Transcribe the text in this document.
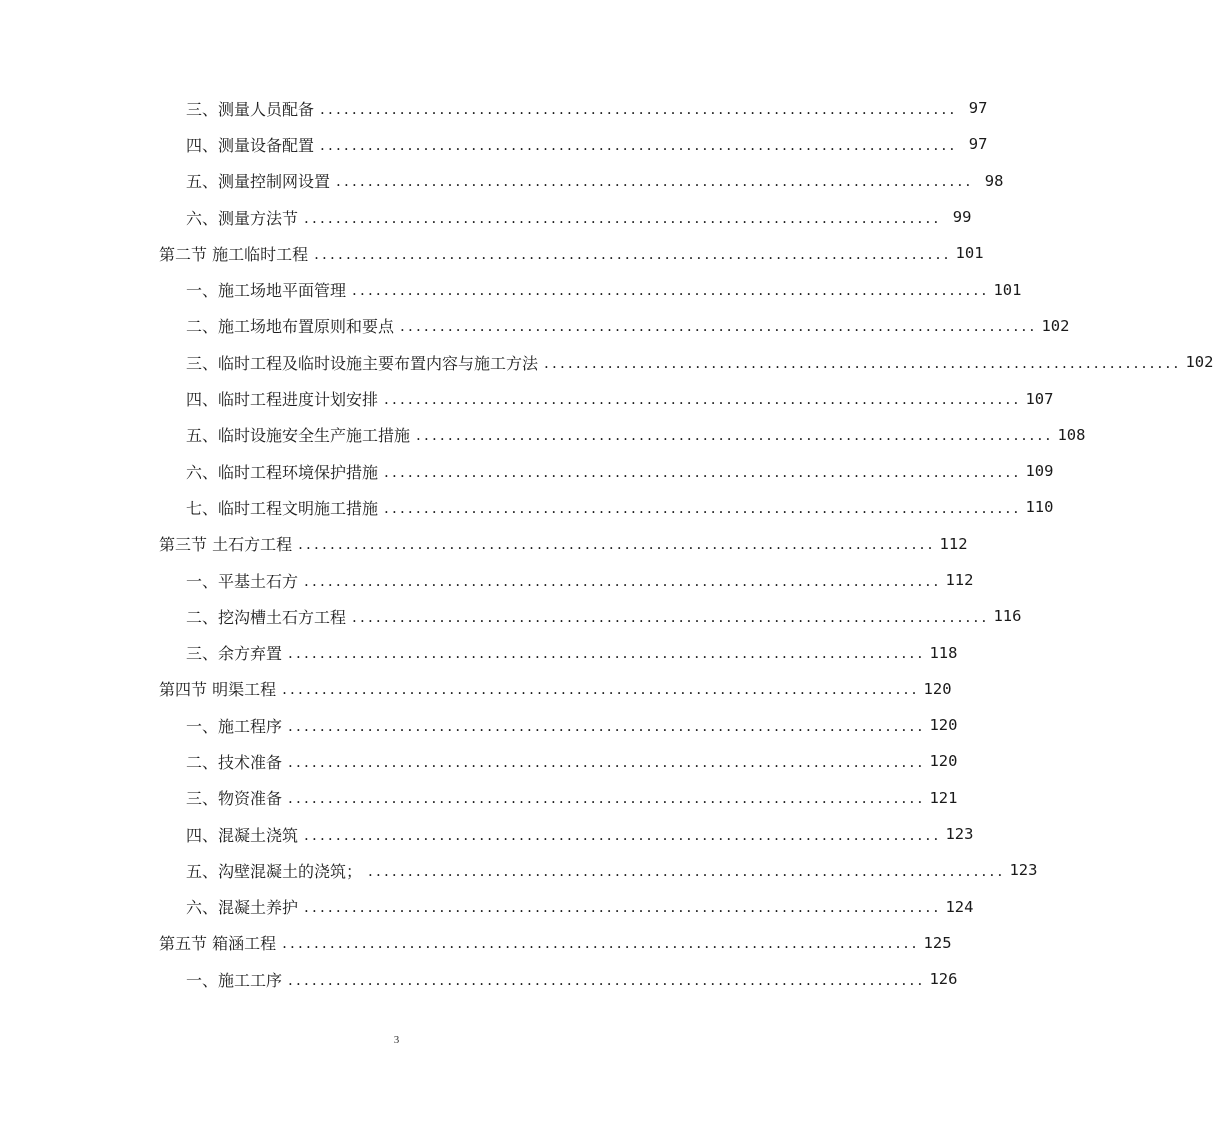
三、测量人员配备 ................................................................................ 97
四、测量设备配置 ................................................................................ 97
五、测量控制网设置 ................................................................................ 98
六、测量方法节 ................................................................................ 99
第二节 施工临时工程 ................................................................................ 101
一、施工场地平面管理 ................................................................................ 101
二、施工场地布置原则和要点 ................................................................................ 102
三、临时工程及临时设施主要布置内容与施工方法 ................................................................................ 102
四、临时工程进度计划安排 ................................................................................ 107
五、临时设施安全生产施工措施 ................................................................................ 108
六、临时工程环境保护措施 ................................................................................ 109
七、临时工程文明施工措施 ................................................................................ 110
第三节 土石方工程 ................................................................................ 112
一、平基土石方 ................................................................................ 112
二、挖沟槽土石方工程 ................................................................................ 116
三、余方弃置 ................................................................................ 118
第四节 明渠工程 ................................................................................ 120
一、施工程序 ................................................................................ 120
二、技术准备 ................................................................................ 120
三、物资准备 ................................................................................ 121
四、混凝土浇筑 ................................................................................ 123
五、沟壁混凝土的浇筑； ................................................................................ 123
六、混凝土养护 ................................................................................ 124
第五节 箱涵工程 ................................................................................ 125
一、施工工序 ................................................................................ 126
3
